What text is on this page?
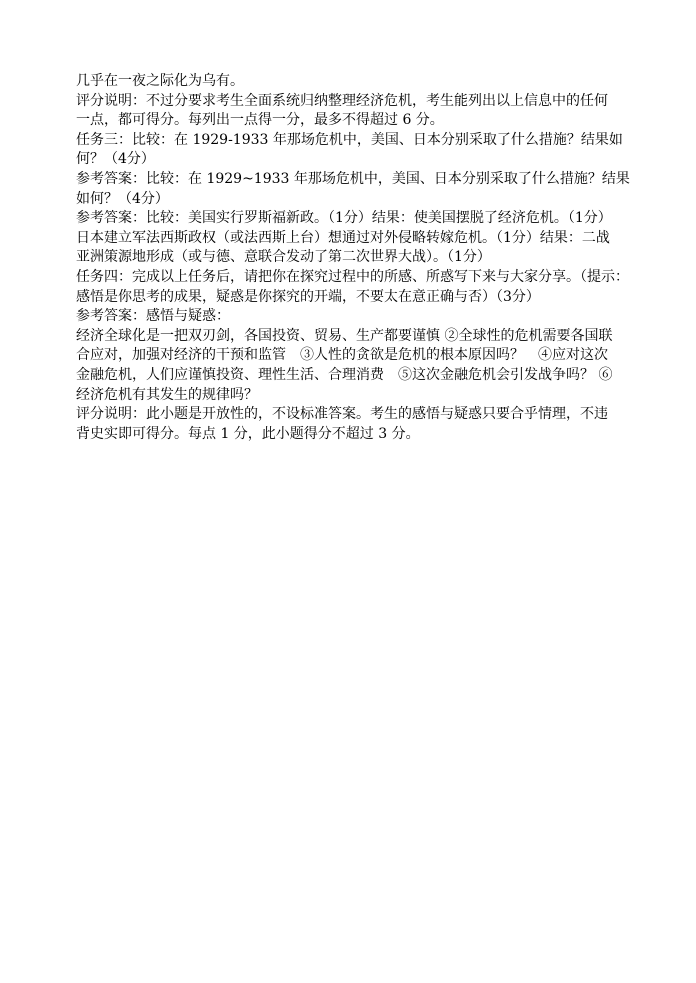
几乎在一夜之际化为乌有。
评分说明：不过分要求考生全面系统归纳整理经济危机，考生能列出以上信息中的任何
一点，都可得分。每列出一点得一分，最多不得超过 6 分。
任务三：比较：在 1929-1933 年那场危机中，美国、日本分别采取了什么措施？结果如
何？（4分）
参考答案：比较：在 1929~1933 年那场危机中，美国、日本分别采取了什么措施？结果
如何？（4分）
参考答案：比较：美国实行罗斯福新政。（1分）结果：使美国摆脱了经济危机。（1分）
日本建立军法西斯政权（或法西斯上台）想通过对外侵略转嫁危机。（1分）结果：二战
亚洲策源地形成（或与德、意联合发动了第二次世界大战）。（1分）
任务四：完成以上任务后，请把你在探究过程中的所感、所惑写下来与大家分享。（提示：
感悟是你思考的成果，疑惑是你探究的开端，不要太在意正确与否）（3分）
参考答案：感悟与疑惑：
经济全球化是一把双刃剑，各国投资、贸易、生产都要谨慎 ②全球性的危机需要各国联
合应对，加强对经济的干预和监管　③人性的贪欲是危机的根本原因吗？　④应对这次
金融危机，人们应谨慎投资、理性生活、合理消费　⑤这次金融危机会引发战争吗？ ⑥
经济危机有其发生的规律吗？
评分说明：此小题是开放性的，不设标准答案。考生的感悟与疑惑只要合乎情理，不违
背史实即可得分。每点 1 分，此小题得分不超过 3 分。
